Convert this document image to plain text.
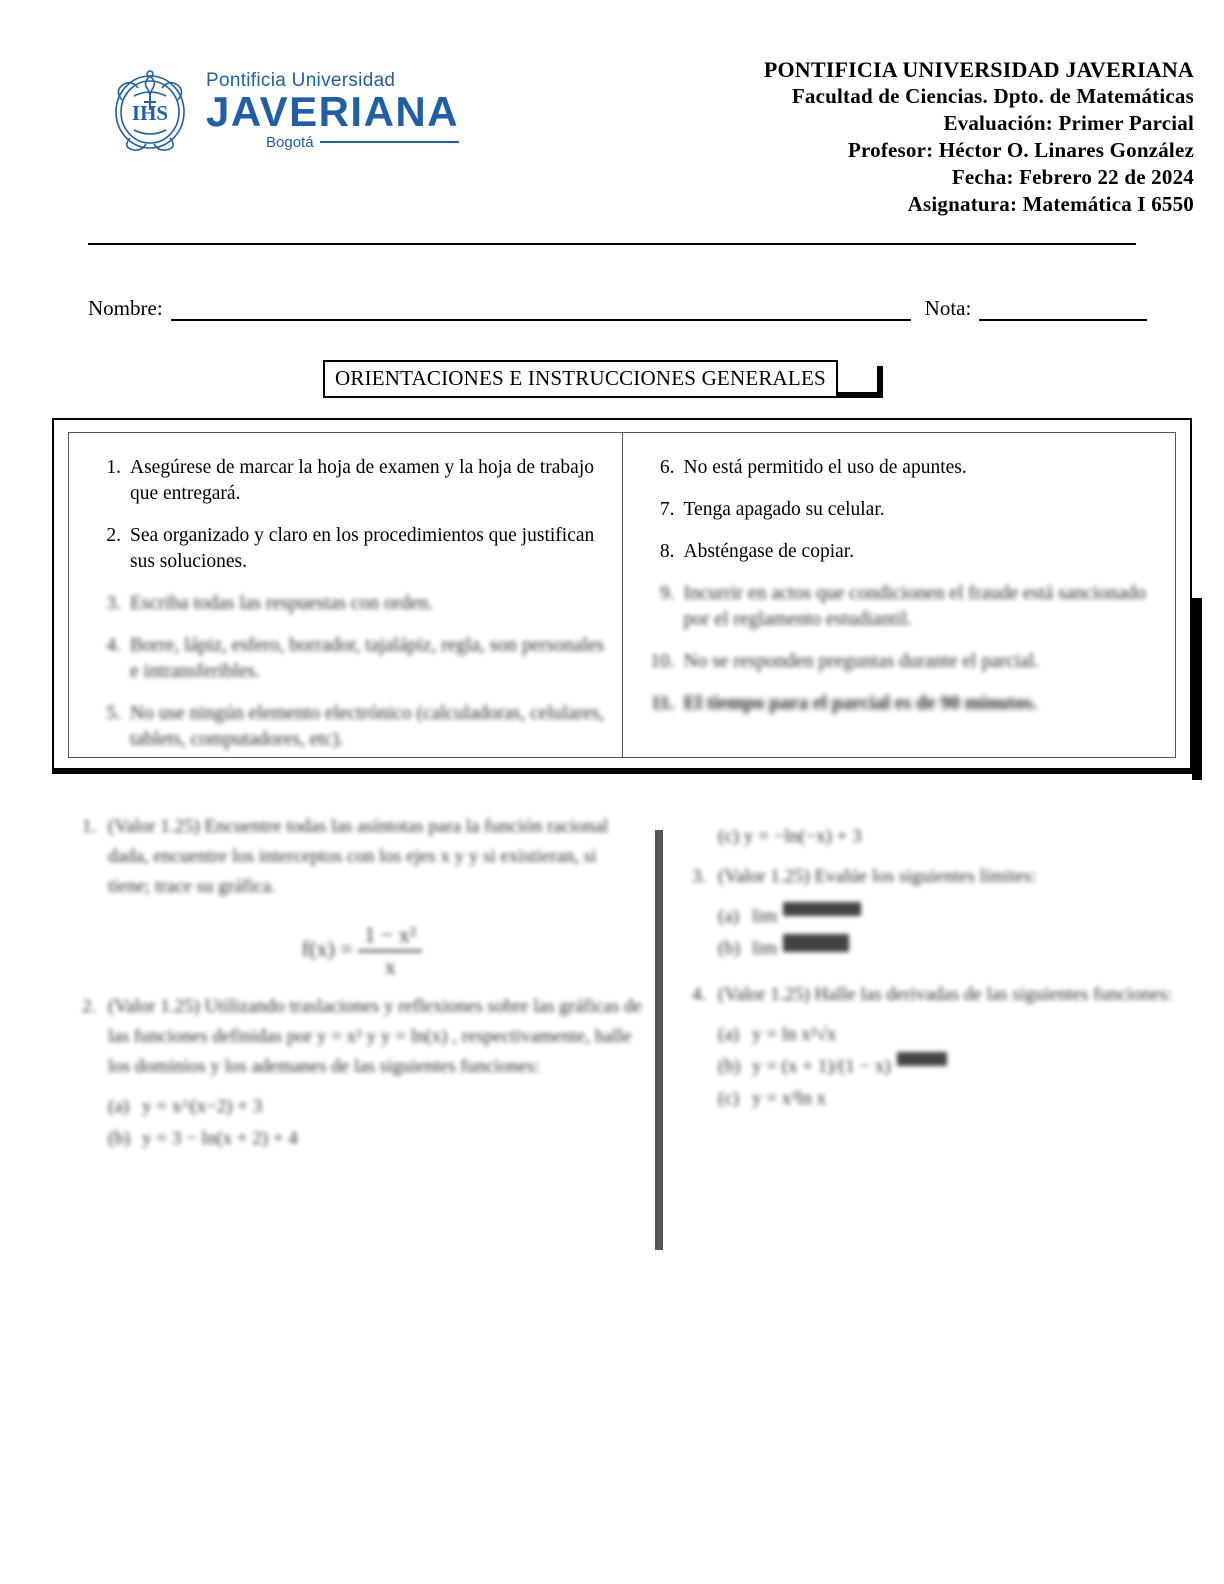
IHS
Pontificia Universidad
JAVERIANA
Bogotá
PONTIFICIA UNIVERSIDAD JAVERIANA
Facultad de Ciencias. Dpto. de Matemáticas
Evaluación: Primer Parcial
Profesor: Héctor O. Linares González
Fecha: Febrero 22 de 2024
Asignatura: Matemática I 6550
Nombre:	Nota:
ORIENTACIONES E INSTRUCCIONES GENERALES
1. Asegúrese de marcar la hoja de examen y la hoja de trabajo que entregará.
2. Sea organizado y claro en los procedimientos que justifican sus soluciones.
3. Escriba todas las respuestas con orden.
4. Borre, lápiz, esfero, borrador, tajalápiz, regla, son personales e intransferibles.
5. No use ningún elemento electrónico (calculadoras, celulares, tablets, computadores, etc).
6. No está permitido el uso de apuntes.
7. Tenga apagado su celular.
8. Absténgase de copiar.
9. Incurrir en actos que condicionen el fraude está sancionado por el reglamento estudiantil.
10. No se responden preguntas durante el parcial.
11. El tiempo para el parcial es de 90 minutos.
1. (Valor 1.25) Encuentre todas las asíntotas para la función racional dada, encuentre los interceptos con los ejes x y y si existieran, si tiene; trace su gráfica.
$f(x) = \frac{\text{1 − x²}}{x}$
2. (Valor 1.25) Utilizando traslaciones y reflexiones sobre las gráficas de las funciones definidas por y = x² y y = ln(x) , respectivamente, halle los dominios y los ademanes de las siguientes funciones:
(a) y = x^(x−2) + 3
(b) y = 3 − ln(x + 2) + 4
(c) y = −ln(−x) + 3
3. (Valor 1.25) Evalúe los siguientes límites:
(a) lim
(b) lim
4. (Valor 1.25) Halle las derivadas de las siguientes funciones:
(a) y = ln x²√x
(b) y = (x + 1)/(1 − x)
(c) y = x³ln x
